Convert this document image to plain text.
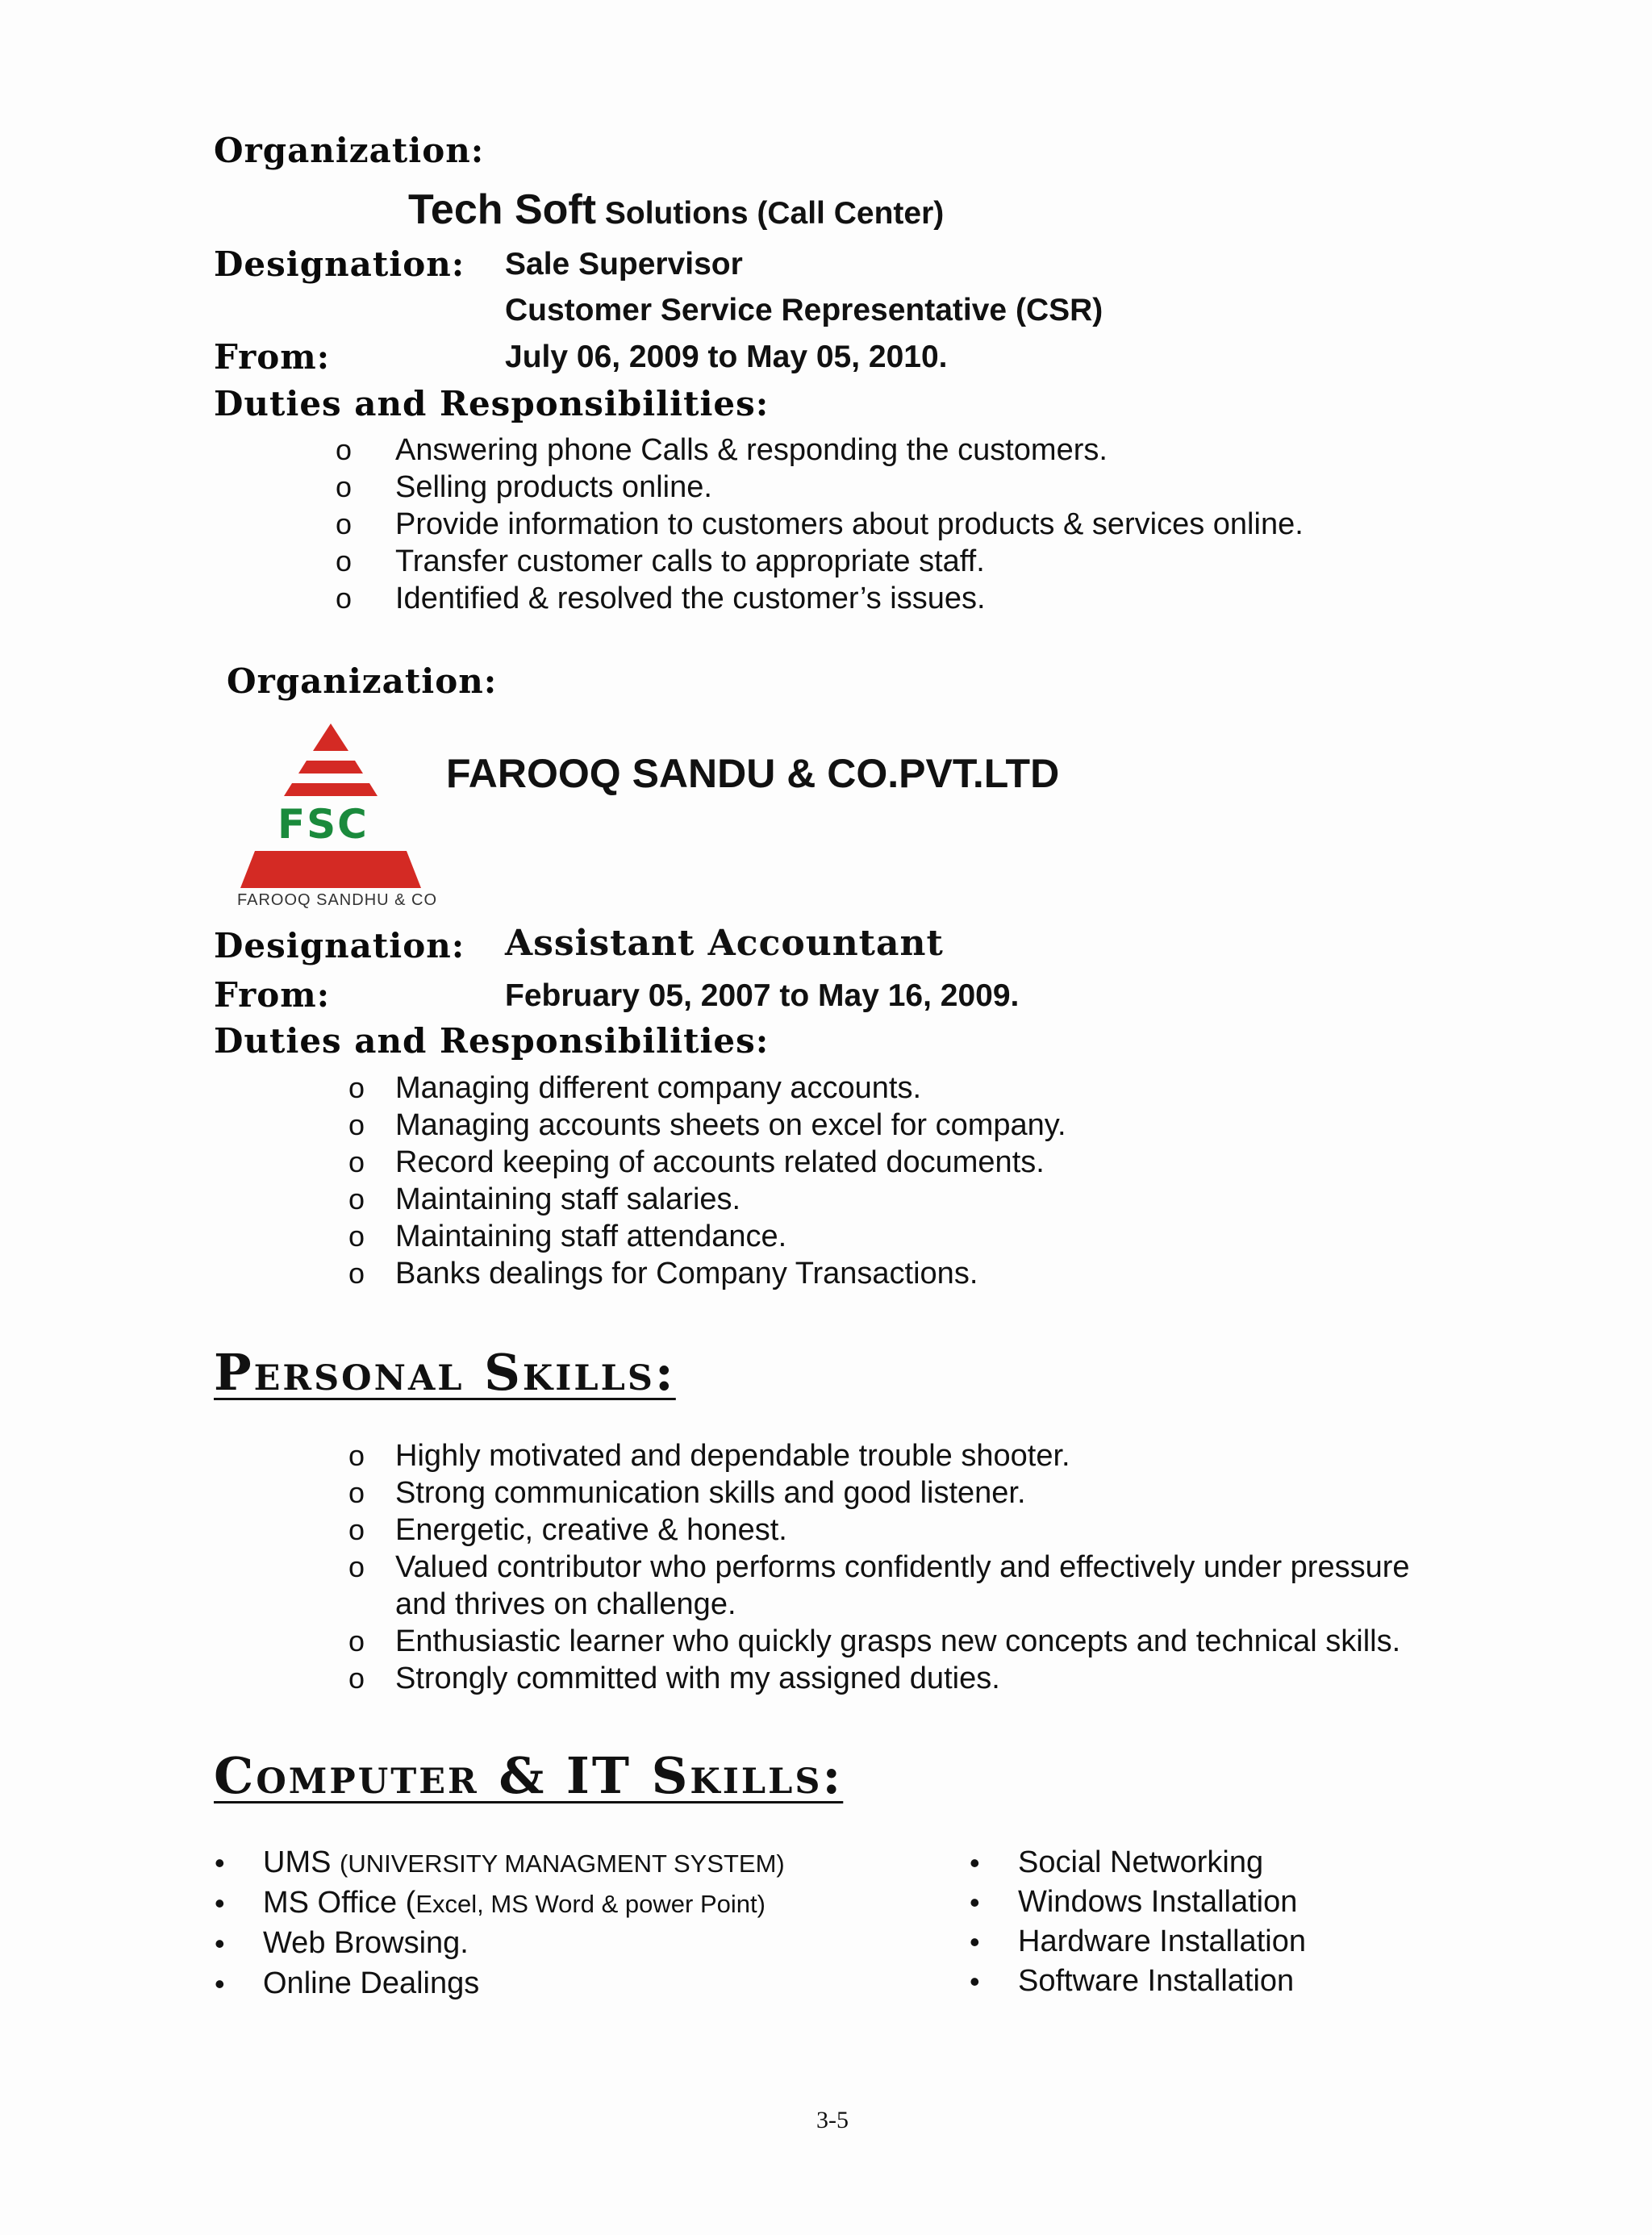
Organization:
Tech Soft Solutions (Call Center)
Designation: Sale Supervisor
Customer Service Representative (CSR)
From:	July 06, 2009 to May 05, 2010.
Duties and Responsibilities:
o Answering phone Calls & responding the customers.
o Selling products online.
o Provide information to customers about products & services online.
o Transfer customer calls to appropriate staff.
o Identified & resolved the customer’s issues.
Organization:
FSC
FAROOQ SANDHU & CO
FAROOQ SANDU & CO.PVT.LTD
Designation: Assistant Accountant
From:	February 05, 2007 to May 16, 2009.
Duties and Responsibilities:
o Managing different company accounts.
o Managing accounts sheets on excel for company.
o Record keeping of accounts related documents.
o Maintaining staff salaries.
o Maintaining staff attendance.
o Banks dealings for Company Transactions.
Personal Skills:
o Highly motivated and dependable trouble shooter.
o Strong communication skills and good listener.
o Energetic, creative & honest.
o Valued contributor who performs confidently and effectively under pressure
and thrives on challenge.
o Enthusiastic learner who quickly grasps new concepts and technical skills.
o Strongly committed with my assigned duties.
Computer & IT Skills:
• UMS (UNIVERSITY MANAGMENT SYSTEM)
• MS Office (Excel, MS Word & power Point)
• Web Browsing.
• Online Dealings
• Social Networking
• Windows Installation
• Hardware Installation
• Software Installation
3-5
